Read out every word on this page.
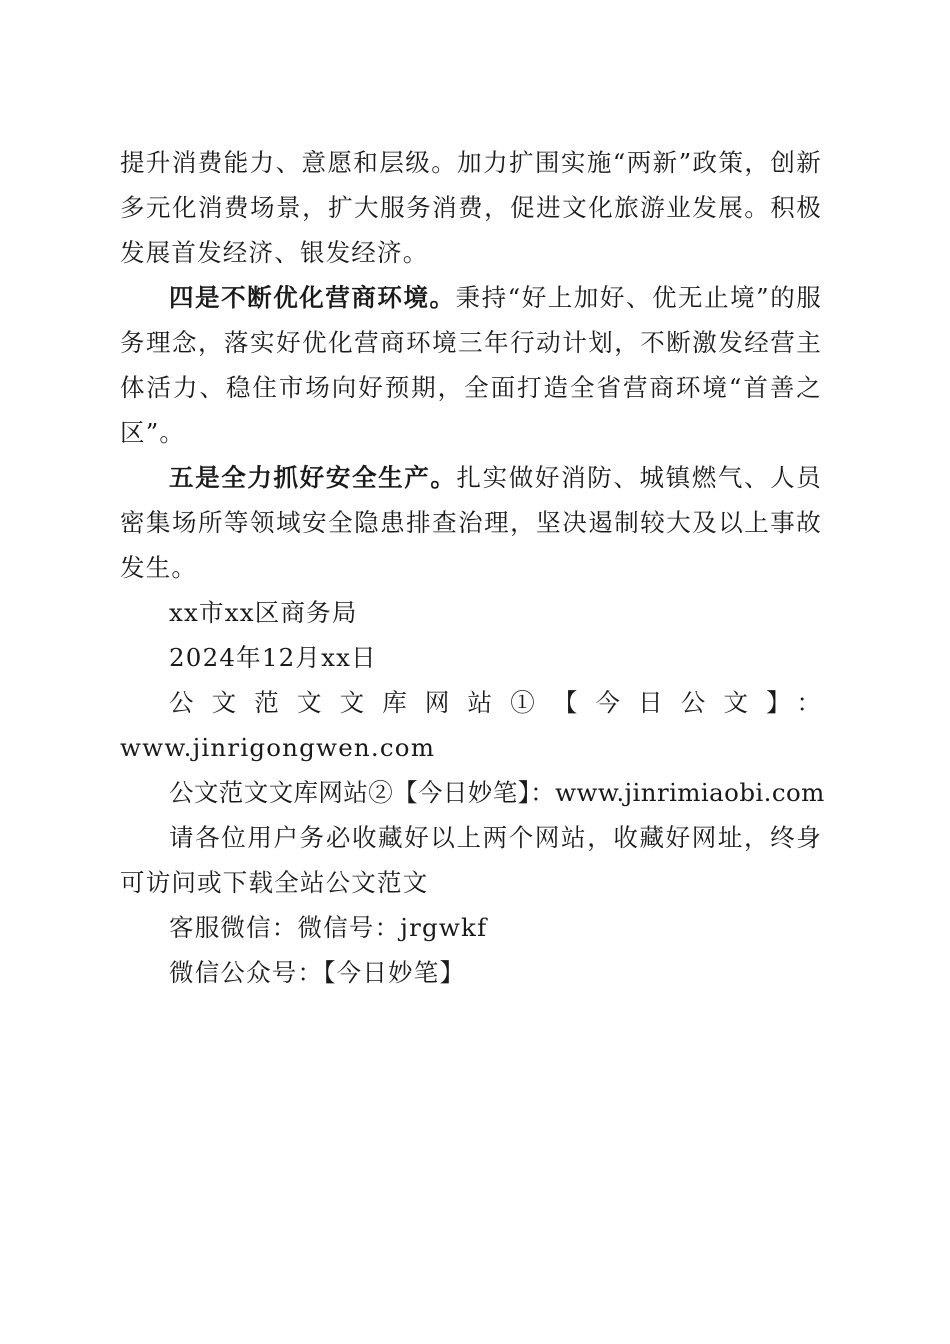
提升消费能力、意愿和层级。加力扩围实施“两新”政策，创新多元化消费场景，扩大服务消费，促进文化旅游业发展。积极发展首发经济、银发经济。

四是不断优化营商环境。秉持“好上加好、优无止境”的服务理念，落实好优化营商环境三年行动计划，不断激发经营主体活力、稳住市场向好预期，全面打造全省营商环境“首善之区”。

五是全力抓好安全生产。扎实做好消防、城镇燃气、人员密集场所等领域安全隐患排查治理，坚决遏制较大及以上事故发生。

xx市xx区商务局

2024年12月xx日

公文范文文库网站①【今日公文】：

www.jinrigongwen.com

公文范文文库网站②【今日妙笔】：www.jinrimiaobi.com

请各位用户务必收藏好以上两个网站，收藏好网址，终身可访问或下载全站公文范文

客服微信：微信号：jrgwkf

微信公众号：【今日妙笔】
